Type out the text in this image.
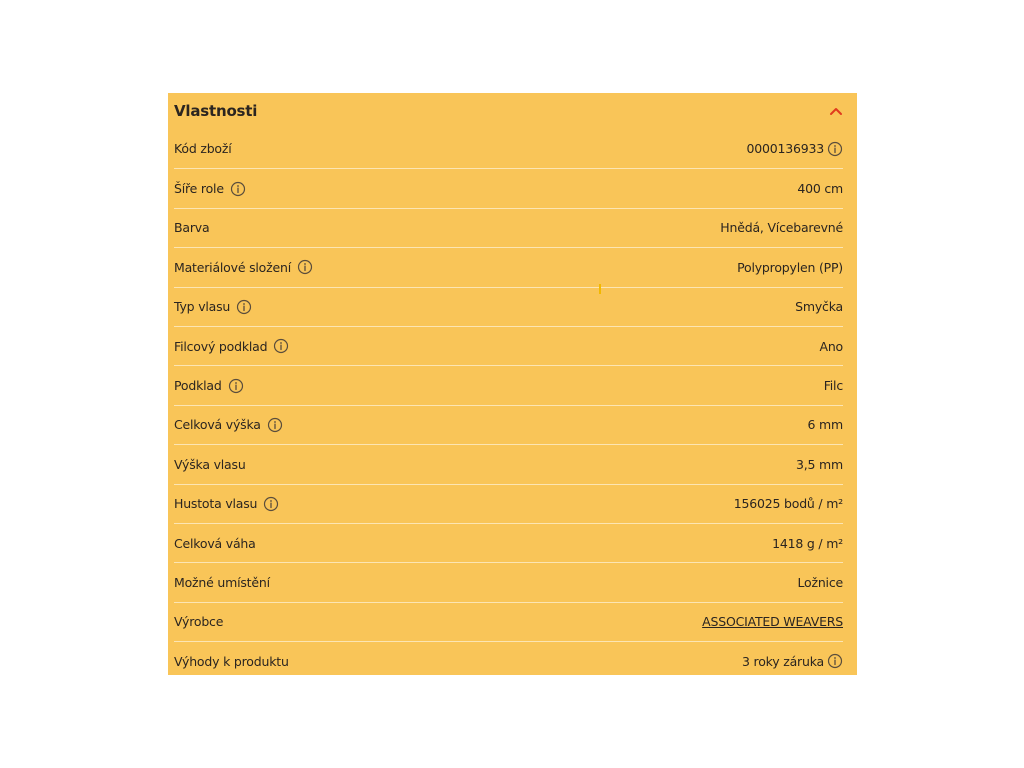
Vlastnosti
Kód zboží	0000136933
Šíře role	400 cm
Barva	Hnědá, Vícebarevné
Materiálové složení	Polypropylen (PP)
Typ vlasu	Smyčka
Filcový podklad	Ano
Podklad	Filc
Celková výška	6 mm
Výška vlasu	3,5 mm
Hustota vlasu	156025 bodů / m²
Celková váha	1418 g / m²
Možné umístění	Ložnice
Výrobce	ASSOCIATED WEAVERS
Výhody k produktu	3 roky záruka
